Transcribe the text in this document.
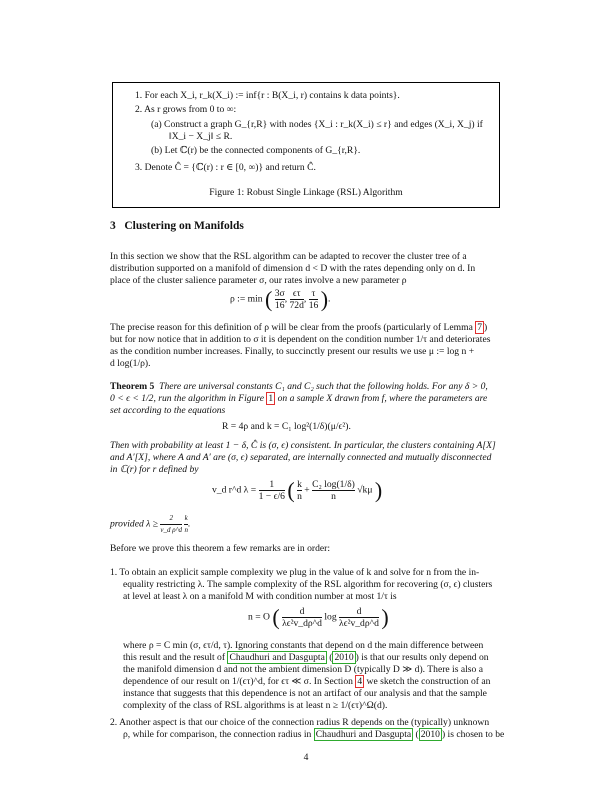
1. For each X_i, r_k(X_i) := inf{r : B(X_i, r) contains k data points}.
2. As r grows from 0 to ∞:
(a) Construct a graph G_{r,R} with nodes {X_i : r_k(X_i) ≤ r} and edges (X_i, X_j) if
‖X_i − X_j‖ ≤ R.
(b) Let ℂ(r) be the connected components of G_{r,R}.
3. Denote Ĉ = {ℂ(r) : r ∈ [0, ∞)} and return Ĉ.
Figure 1: Robust Single Linkage (RSL) Algorithm
3 Clustering on Manifolds
In this section we show that the RSL algorithm can be adapted to recover the cluster tree of a
distribution supported on a manifold of dimension d < D with the rates depending only on d. In
place of the cluster salience parameter σ, our rates involve a new parameter ρ
ρ := min ( $\frac{3\sigma}{16}$ , $\frac{\epsilon\tau}{72d}$ , $\frac{\tau}{16}$ ).
The precise reason for this definition of ρ will be clear from the proofs (particularly of Lemma 7 )
but for now notice that in addition to σ it is dependent on the condition number 1/τ and deteriorates
as the condition number increases. Finally, to succinctly present our results we use μ := log n +
d log(1/ρ).
Theorem 5 There are universal constants C₁ and C₂ such that the following holds. For any δ > 0,
0 < ϵ < 1/2, run the algorithm in Figure 1 on a sample X drawn from f, where the parameters are
set according to the equations
R = 4ρ and k = C₁ log²(1/δ)(μ/ϵ²).
Then with probability at least 1 − δ, Ĉ is (σ, ϵ) consistent. In particular, the clusters containing A[X]
and A′[X], where A and A′ are (σ, ϵ) separated, are internally connected and mutually disconnected
in ℂ(r) for r defined by
v_d r^d $\lambda = \frac{1}{1 - \epsilon/6}$ ( $\frac{k}{n} + \frac{\text{C₂ log(1/δ)}}{n} √k\mu$ )
provided $\lambda \ge \frac{2}{\text{v\_d ρ\textasciicircum{}d}}$
$\frac{k}{n}$ .
Before we prove this theorem a few remarks are in order:
1. To obtain an explicit sample complexity we plug in the value of k and solve for n from the in-
equality restricting λ. The sample complexity of the RSL algorithm for recovering (σ, ϵ) clusters
at level at least λ on a manifold M with condition number at most 1/τ is
n = O ( $\frac{d}{\text{λϵ²v\_dρ\textasciicircum{}d}}$ $\log \frac{d}{\text{λϵ²v\_dρ\textasciicircum{}d}}$ )
where ρ = C min (σ, ϵτ/d, τ). Ignoring constants that depend on d the main difference between
this result and the result of Chaudhuri and Dasgupta ( 2010 ) is that our results only depend on
the manifold dimension d and not the ambient dimension D (typically D ≫ d). There is also a
dependence of our result on 1/(ϵτ)^d, for ϵτ ≪ σ. In Section 4 we sketch the construction of an
instance that suggests that this dependence is not an artifact of our analysis and that the sample
complexity of the class of RSL algorithms is at least n ≥ 1/(ϵτ)^Ω(d).
2. Another aspect is that our choice of the connection radius R depends on the (typically) unknown
ρ, while for comparison, the connection radius in Chaudhuri and Dasgupta ( 2010 ) is chosen to be
4
